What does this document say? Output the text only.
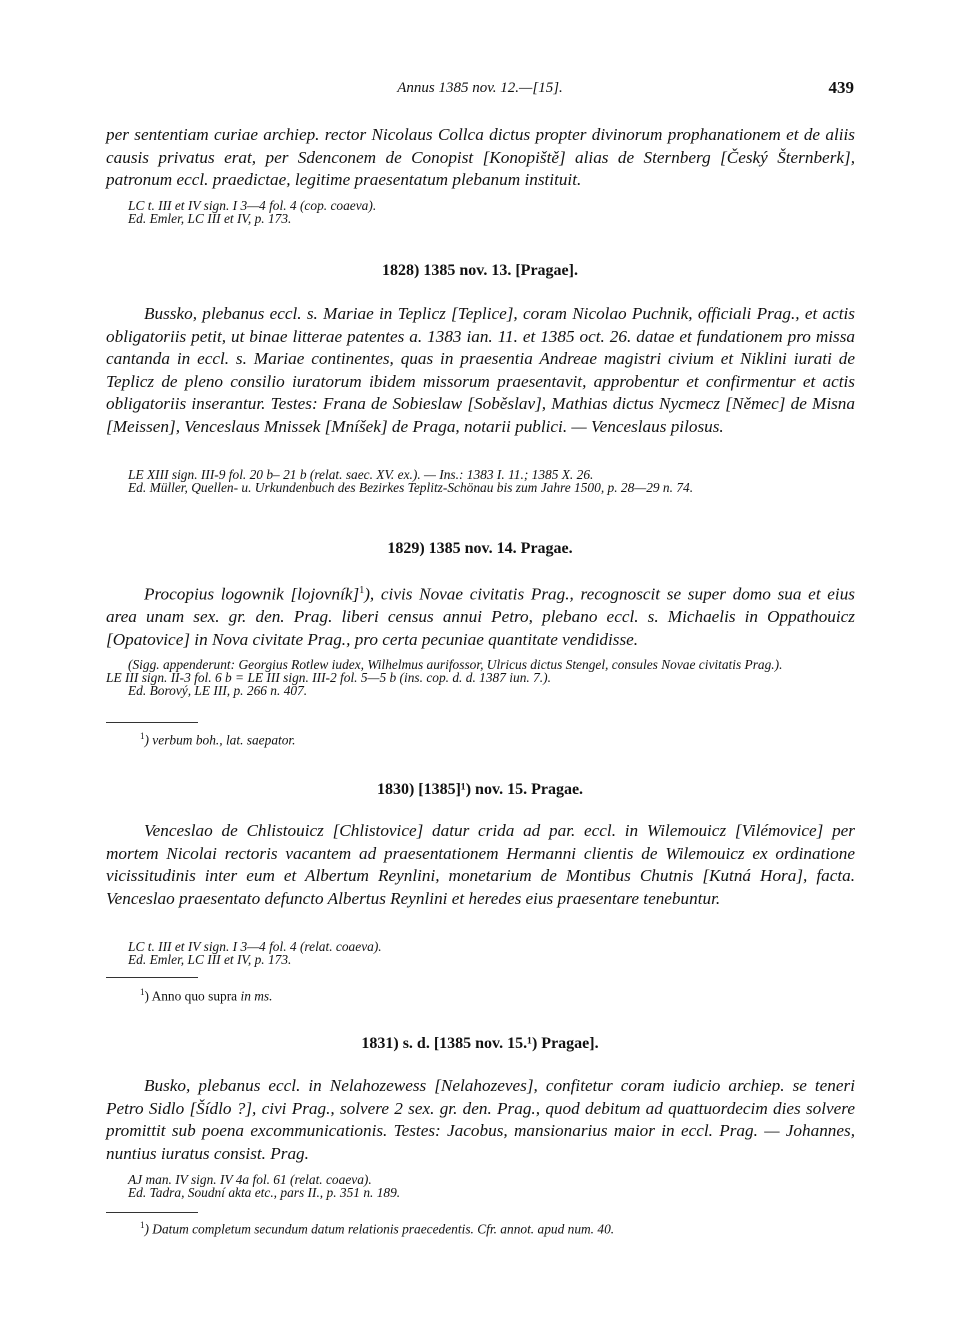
Annus 1385 nov. 12.—[15].	439
per sententiam curiae archiep. rector Nicolaus Collca dictus propter divinorum prophanationem et de aliis causis privatus erat, per Sdenconem de Conopist [Konopiště] alias de Sternberg [Český Šternberk], patronum eccl. praedictae, legitime praesentatum plebanum instituit.

LC t. III et IV sign. I 3—4 fol. 4 (cop. coaeva).

Ed. Emler, LC III et IV, p. 173.

1828) 1385 nov. 13. [Pragae].
Bussko, plebanus eccl. s. Mariae in Teplicz [Teplice], coram Nicolao Puchnik, officiali Prag., et actis obligatoriis petit, ut binae litterae patentes a. 1383 ian. 11. et 1385 oct. 26. datae et fundationem pro missa cantanda in eccl. s. Mariae continentes, quas in praesentia Andreae magistri civium et Niklini iurati de Teplicz de pleno consilio iuratorum ibidem missorum praesentavit, approbentur et confirmentur et actis obligatoriis inserantur. Testes: Frana de Sobieslaw [Soběslav], Mathias dictus Nycmecz [Němec] de Misna [Meissen], Venceslaus Mnissek [Mníšek] de Praga, notarii publici. — Venceslaus pilosus.

LE XIII sign. III-9 fol. 20 b– 21 b (relat. saec. XV. ex.). — Ins.: 1383 I. 11.; 1385 X. 26.

Ed. Müller, Quellen- u. Urkundenbuch des Bezirkes Teplitz-Schönau bis zum Jahre 1500, p. 28—29 n. 74.

1829) 1385 nov. 14. Pragae.
Procopius logownik [lojovník]$^1$), civis Novae civitatis Prag., recognoscit se super domo sua et eius area unam sex. gr. den. Prag. liberi census annui Petro, plebano eccl. s. Michaelis in Oppathouicz [Opatovice] in Nova civitate Prag., pro certa pecuniae quantitate vendidisse.

(Sigg. appenderunt: Georgius Rotlew iudex, Wilhelmus aurifossor, Ulricus dictus Stengel, consules Novae civitatis Prag.).

LE III sign. II-3 fol. 6 b = LE III sign. III-2 fol. 5—5 b (ins. cop. d. d. 1387 iun. 7.).

Ed. Borový, LE III, p. 266 n. 407.

$^1$) verbum boh., lat. saepator.
1830) [1385]¹) nov. 15. Pragae.
Venceslao de Chlistouicz [Chlistovice] datur crida ad par. eccl. in Wilemouicz [Vilémovice] per mortem Nicolai rectoris vacantem ad praesentationem Hermanni clientis de Wilemouicz ex ordinatione vicissitudinis inter eum et Albertum Reynlini, monetarium de Montibus Chutnis [Kutná Hora], facta. Venceslao praesentato defuncto Albertus Reynlini et heredes eius praesentare tenebuntur.

LC t. III et IV sign. I 3—4 fol. 4 (relat. coaeva).

Ed. Emler, LC III et IV, p. 173.

$^1$) Anno quo supra in ms.
1831) s. d. [1385 nov. 15.¹) Pragae].
Busko, plebanus eccl. in Nelahozewess [Nelahozeves], confitetur coram iudicio archiep. se teneri Petro Sidlo [Šídlo ?], civi Prag., solvere 2 sex. gr. den. Prag., quod debitum ad quattuordecim dies solvere promittit sub poena excommunicationis. Testes: Jacobus, mansionarius maior in eccl. Prag. — Johannes, nuntius iuratus consist. Prag.

AJ man. IV sign. IV 4a fol. 61 (relat. coaeva).

Ed. Tadra, Soudní akta etc., pars II., p. 351 n. 189.

$^1$) Datum completum secundum datum relationis praecedentis. Cfr. annot. apud num. 40.
